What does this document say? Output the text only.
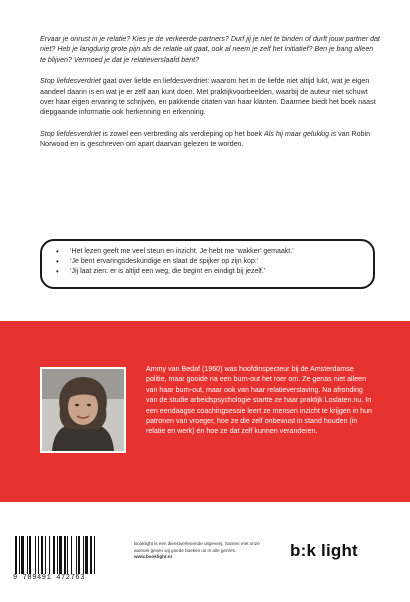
Ervaar je onrust in je relatie? Kies je de verkeerde partners? Durf jij je niet te binden of durft jouw partner dat niet? Heb je langdurig grote pijn als de relatie uit gaat, ook al neem je zelf het initiatief? Ben je bang alleen te blijven? Vermoed je dat je relatieverslaafd bent?

Stop liefdesverdriet gaat over liefde en liefdesverdriet: waarom het in de liefde niet altijd lukt, wat je eigen aandeel daarin is en wat je er zelf aan kunt doen. Met praktijkvoorbeelden, waarbij de auteur niet schuwt over haar eigen ervaring te schrijven, en pakkende citaten van haar klanten. Daarmee biedt het boek naast diepgaande informatie ook herkenning en erkenning.

Stop liefdesverdriet is zowel een verbreding als verdieping op het boek Als hij maar gelukkig is van Robin Norwood en is geschreven om apart daarvan gelezen te worden.

• ‘Het lezen geeft me veel steun en inzicht. Je hebt me ‘wakker’ gemaakt.’
• ‘Je bent ervaringsdeskundige en slaat de spijker op zijn kop.’
• ‘Jij laat zien: er is altijd een weg, die begint en eindigt bij jezelf.’
Ammy van Bedaf (1960) was hoofdinspecteur bij de Amsterdamse politie, maar gooide na een burn-out het roer om. Ze genas niet alleen van haar burn-out, maar ook van haar relatieverslaving. Na afronding van de studie arbeidspsychologie startte ze haar praktijk Loslaten.nu. In een eendaagse coachingsessie leert ze mensen inzicht te krijgen in hun patronen van vroeger, hoe ze die zelf onbewust in stand houden (in relatie en werk) én hoe ze dat zelf kunnen veranderen.
9 789491 472763
Booklight is een dienstverlenende uitgeverij. Samen met onze auteurs geven wij goede boeken uit in alle genres.
www.booklight.nl	b:k light
